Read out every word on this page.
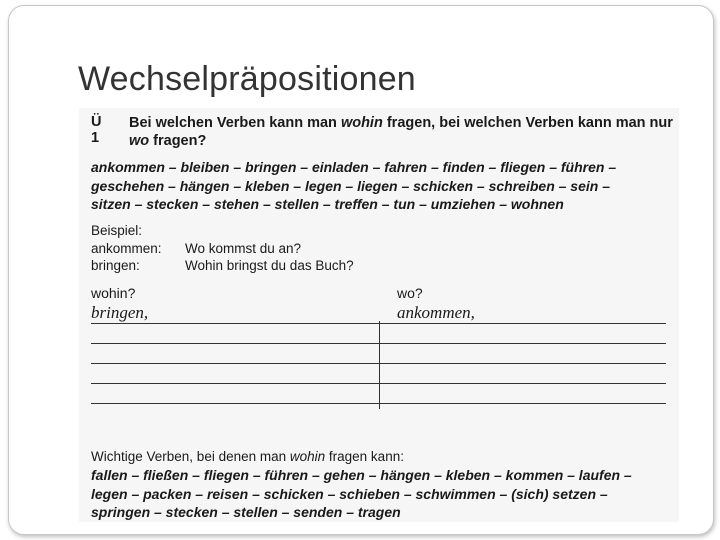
Wechselpräpositionen
Ü 1
Bei welchen Verben kann man wohin fragen, bei welchen Verben kann man nur wo fragen?
ankommen – bleiben – bringen – einladen – fahren – finden – fliegen – führen –
geschehen – hängen – kleben – legen – liegen – schicken – schreiben – sein –
sitzen – stecken – stehen – stellen – treffen – tun – umziehen – wohnen
Beispiel:
ankommen:	Wo kommst du an?
bringen:	Wohin bringst du das Buch?
wohin?	wo?
bringen,	ankommen,
Wichtige Verben, bei denen man wohin fragen kann:
fallen – fließen – fliegen – führen – gehen – hängen – kleben – kommen – laufen –
legen – packen – reisen – schicken – schieben – schwimmen – (sich) setzen –
springen – stecken – stellen – senden – tragen
